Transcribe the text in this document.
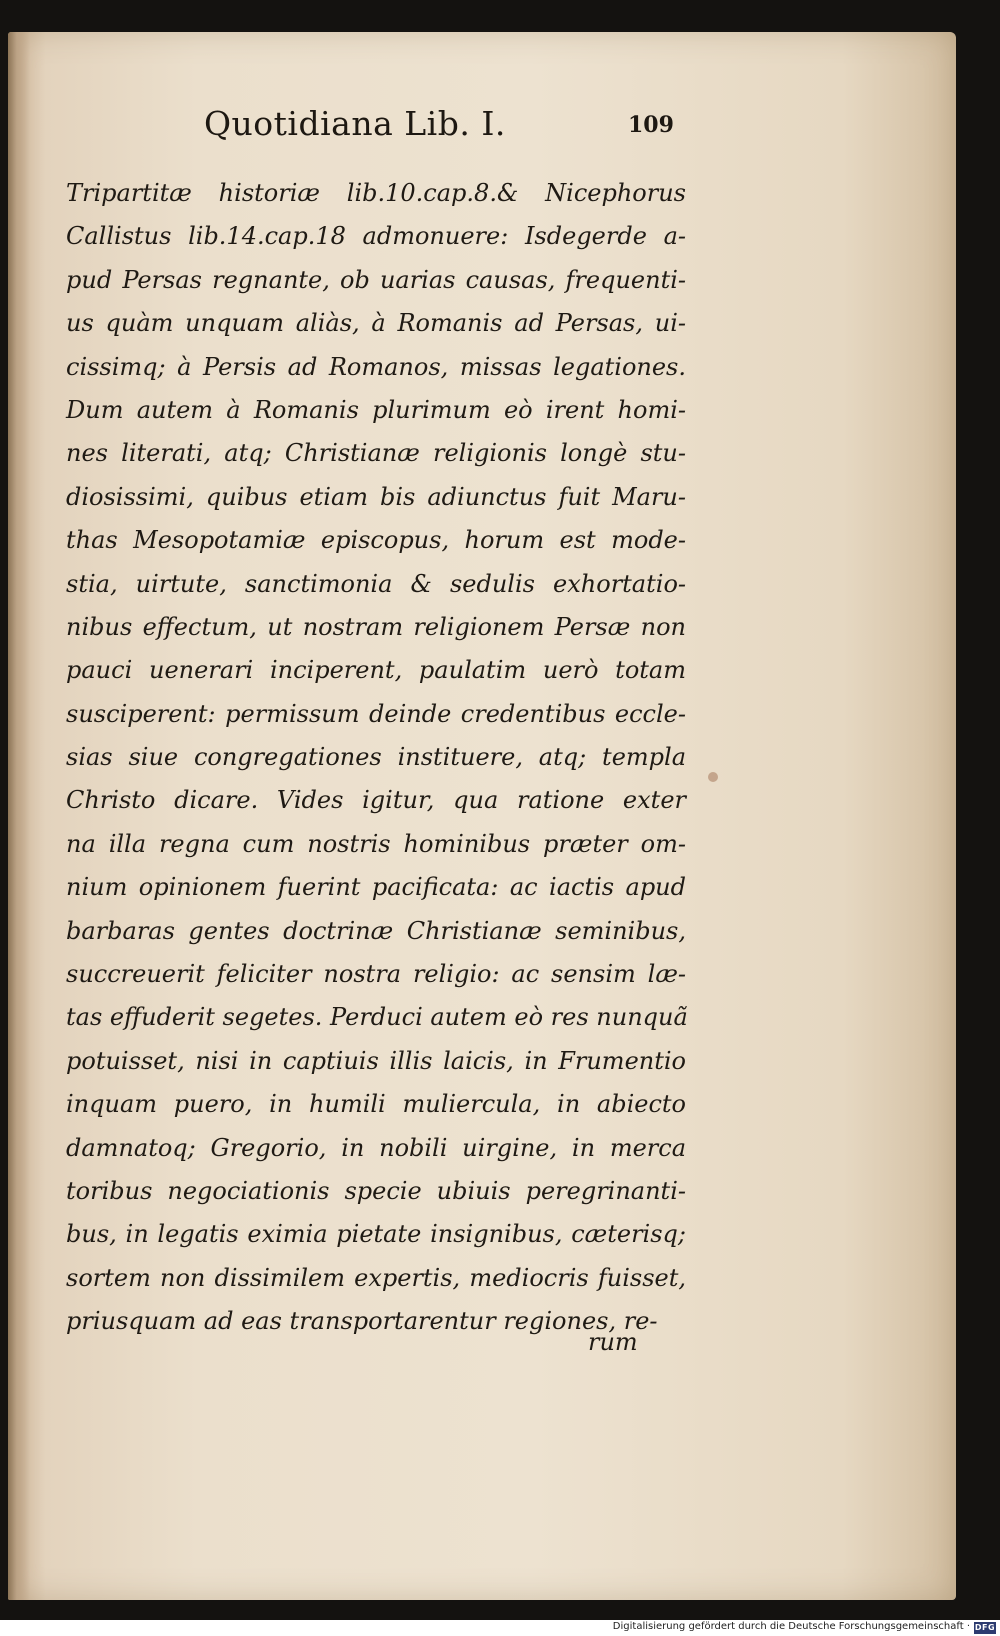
Quotidiana Lib. I.	109
Tripartitæ historiæ lib.10.cap.8.& Nicephorus
Callistus lib.14.cap.18 admonuere: Isdegerde a-
pud Persas regnante, ob uarias causas, frequenti-
us quàm unquam aliàs, à Romanis ad Persas, ui-
cissimq; à Persis ad Romanos, missas legationes.
Dum autem à Romanis plurimum eò irent homi-
nes literati, atq; Christianæ religionis longè stu-
diosissimi, quibus etiam bis adiunctus fuit Maru-
thas Mesopotamiæ episcopus, horum est mode-
stia, uirtute, sanctimonia & sedulis exhortatio-
nibus effectum, ut nostram religionem Persæ non
pauci uenerari inciperent, paulatim uerò totam
susciperent: permissum deinde credentibus eccle-
sias siue congregationes instituere, atq; templa
Christo dicare. Vides igitur, qua ratione exter
na illa regna cum nostris hominibus præter om-
nium opinionem fuerint pacificata: ac iactis apud
barbaras gentes doctrinæ Christianæ seminibus,
succreuerit feliciter nostra religio: ac sensim læ-
tas effuderit segetes. Perduci autem eò res nunquã
potuisset, nisi in captiuis illis laicis, in Frumentio
inquam puero, in humili muliercula, in abiecto
damnatoq; Gregorio, in nobili uirgine, in merca
toribus negociationis specie ubiuis peregrinanti-
bus, in legatis eximia pietate insignibus, cæterisq;
sortem non dissimilem expertis, mediocris fuisset,
priusquam ad eas transportarentur regiones, re-
rum
Digitalisierung gefördert durch die Deutsche Forschungsgemeinschaft · DFG
